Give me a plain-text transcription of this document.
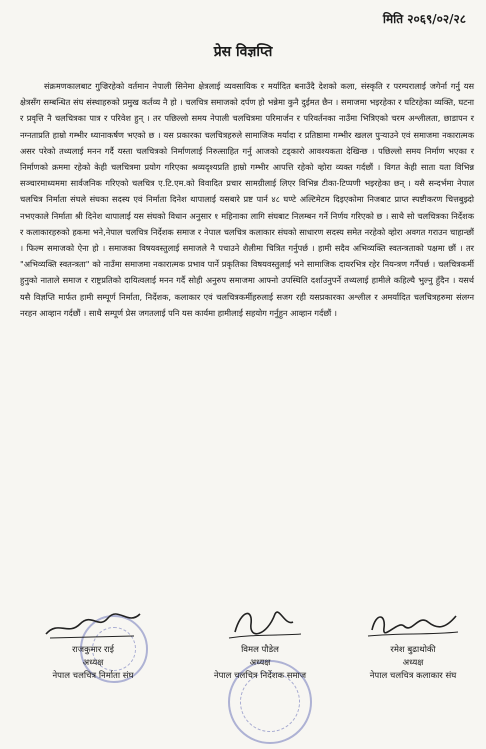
मिति २०६९/०२/२८
प्रेस विज्ञप्ति

संक्रमणकालबाट गुज्रिरहेको वर्तमान नेपाली सिनेमा क्षेत्रलाई व्यवसायिक र मर्यादित बनाउँदै देशको कला, संस्कृति र परम्परालाई जगेर्ना गर्नु यस क्षेत्रसँग सम्बन्धित संघ संस्थाहरुको प्रमुख कर्तव्य नै हो । चलचित्र समाजको दर्पण हो भन्नेमा कुनै दुईमत छैन । समाजमा भइरहेका र घटिरहेका व्यक्ति, घटना र प्रवृत्ति नै चलचित्रका पात्र र परिवेश हुन् । तर पछिल्लो समय नेपाली चलचित्रमा परिमार्जन र परिवर्तनका नाउँमा भित्रिएको चरम अश्लीलता, छाडापन र नग्नताप्रति हाम्रो गम्भीर ध्यानाकर्षण भएको छ । यस प्रकारका चलचित्रहरुले सामाजिक मर्यादा र प्रतिष्ठामा गम्भीर खलल पुऱ्याउने एवं समाजमा नकारात्मक असर परेको तथ्यलाई मनन गर्दै यस्ता चलचित्रको निर्माणलाई निरुत्साहित गर्नु आजको टड्कारो आवश्यकता देखिन्छ । पछिल्लो समय निर्माण भएका र निर्माणको क्रममा रहेको केही चलचित्रमा प्रयोग गरिएका श्रव्यदृश्यप्रति हाम्रो गम्भीर आपत्ति रहेको व्होरा व्यक्त गर्दछौं । विगत केही साता यता विभिन्न सञ्चारमाध्यममा सार्वजनिक गरिएको चलचित्र ए.टि.एम.को विवादित प्रचार सामग्रीलाई लिएर विभिन्न टीका-टिप्पणी भइरहेका छन् । यसै सन्दर्भमा नेपाल चलचित्र निर्माता संघले संघका सदस्य एवं निर्माता दिनेश थापालाई यसबारे प्रष्ट पार्न ४८ घण्टे अल्टिमेटम दिइएकोमा निजबाट प्राप्त स्पष्टीकरण चित्तबुझ्दो नभएकाले निर्माता श्री दिनेश थापालाई यस संघको विधान अनुसार १ महिनाका लागि संघबाट निलम्बन गर्ने निर्णय गरिएको छ । साथै सो चलचित्रका निर्देशक र कलाकारहरुको हकमा भने,नेपाल चलचित्र निर्देशक समाज र नेपाल चलचित्र कलाकार संघको साधारण सदस्य समेत नरहेको व्होरा अवगत गराउन चाहान्छौं । फिल्म समाजको ऐना हो । समाजका विषयवस्तुलाई समाजले नै पचाउने शैलीमा चित्रित गर्नुपर्छ । हामी सदैव अभिव्यक्ति स्वतन्त्रताको पक्षमा छौं । तर "अभिव्यक्ति स्वतन्त्रता" को नाउँमा समाजमा नकारात्मक प्रभाव पार्ने प्रकृतिका विषयवस्तुलाई भने सामाजिक दायरभित्र रहेर नियन्त्रण गर्नैपर्छ । चलचित्रकर्मी हुनुको नाताले समाज र राष्ट्रप्रतिको दायित्वलाई मनन गर्दै सोही अनुरुप समाजमा आफ्नो उपस्थिति दर्शाउनुपर्ने तथ्यलाई हामीले कहिल्यै भुल्नु हुँदैन । यसर्थ यसै विज्ञप्ति मार्फत हामी सम्पूर्ण निर्माता, निर्देशक, कलाकार एवं चलचित्रकर्मीहरुलाई सजग रही यसप्रकारका अश्लील र अमर्यादित चलचित्रहरुमा संलग्न नरहन आव्हान गर्दछौं । साथै सम्पूर्ण प्रेस जगतलाई पनि यस कार्यमा हामीलाई सहयोग गर्नुहुन आव्हान गर्दछौं ।

राजकुमार राई
अध्यक्ष
नेपाल चलचित्र निर्माता संघ
विमल पौडेल
अध्यक्ष
नेपाल चलचित्र निर्देशक समाज
रमेश बुढाथोकी
अध्यक्ष
नेपाल चलचित्र कलाकार संघ
